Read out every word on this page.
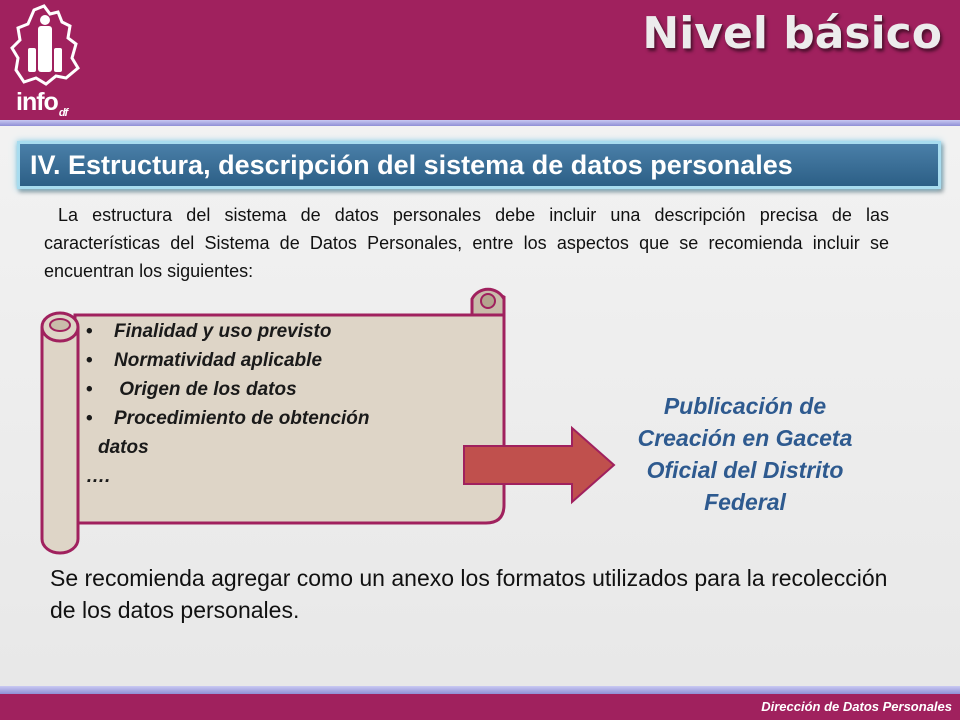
info$_{df}$
Nivel básico
IV. Estructura, descripción del sistema de datos personales

La estructura del sistema de datos personales debe incluir una descripción precisa de las características del Sistema de Datos Personales, entre los aspectos que se recomienda incluir se encuentran los siguientes:

• Finalidad y uso previsto
• Normatividad aplicable
•  Origen de los datos
• Procedimiento de obtención
datos
….

Publicación de Creación en Gaceta Oficial del Distrito Federal

Se recomienda agregar como un anexo los formatos utilizados para la recolección de los datos personales.

Dirección de Datos Personales
